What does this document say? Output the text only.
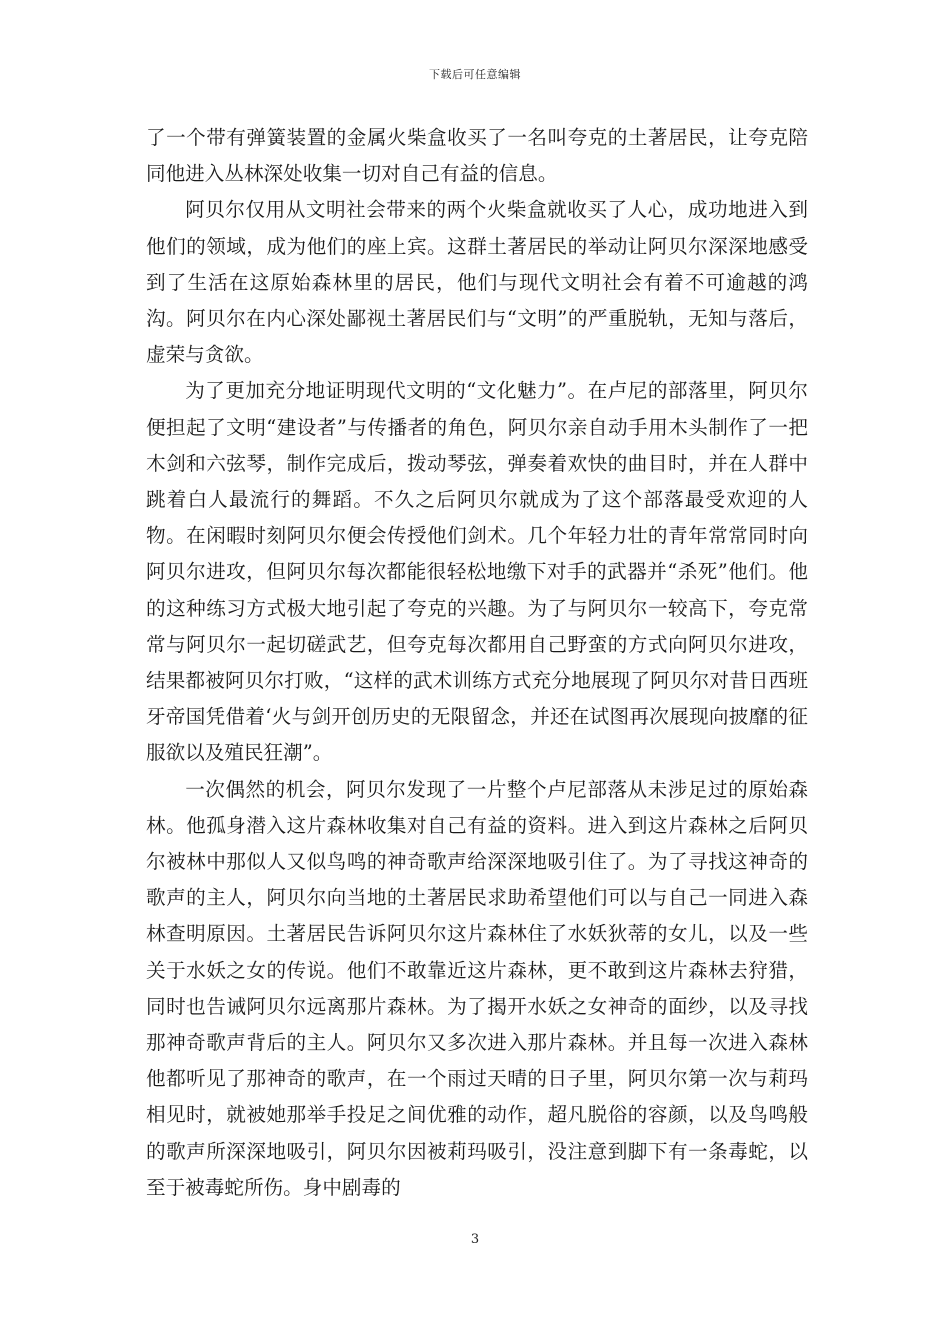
下载后可任意编辑

了一个带有弹簧装置的金属火柴盒收买了一名叫夸克的土著居民，让夸克陪同他进入丛林深处收集一切对自己有益的信息。

阿贝尔仅用从文明社会带来的两个火柴盒就收买了人心，成功地进入到他们的领域，成为他们的座上宾。这群土著居民的举动让阿贝尔深深地感受到了生活在这原始森林里的居民，他们与现代文明社会有着不可逾越的鸿沟。阿贝尔在内心深处鄙视土著居民们与“文明”的严重脱轨，无知与落后，虚荣与贪欲。

为了更加充分地证明现代文明的“文化魅力”。在卢尼的部落里，阿贝尔便担起了文明“建设者”与传播者的角色，阿贝尔亲自动手用木头制作了一把木剑和六弦琴，制作完成后，拨动琴弦，弹奏着欢快的曲目时，并在人群中跳着白人最流行的舞蹈。不久之后阿贝尔就成为了这个部落最受欢迎的人物。在闲暇时刻阿贝尔便会传授他们剑术。几个年轻力壮的青年常常同时向阿贝尔进攻，但阿贝尔每次都能很轻松地缴下对手的武器并“杀死”他们。他的这种练习方式极大地引起了夸克的兴趣。为了与阿贝尔一较高下，夸克常常与阿贝尔一起切磋武艺，但夸克每次都用自己野蛮的方式向阿贝尔进攻，结果都被阿贝尔打败，“这样的武术训练方式充分地展现了阿贝尔对昔日西班牙帝国凭借着‘火与剑开创历史的无限留念，并还在试图再次展现向披靡的征服欲以及殖民狂潮”。

一次偶然的机会，阿贝尔发现了一片整个卢尼部落从未涉足过的原始森林。他孤身潜入这片森林收集对自己有益的资料。进入到这片森林之后阿贝尔被林中那似人又似鸟鸣的神奇歌声给深深地吸引住了。为了寻找这神奇的歌声的主人，阿贝尔向当地的土著居民求助希望他们可以与自己一同进入森林查明原因。土著居民告诉阿贝尔这片森林住了水妖狄蒂的女儿，以及一些关于水妖之女的传说。他们不敢靠近这片森林，更不敢到这片森林去狩猎，同时也告诫阿贝尔远离那片森林。为了揭开水妖之女神奇的面纱，以及寻找那神奇歌声背后的主人。阿贝尔又多次进入那片森林。并且每一次进入森林他都听见了那神奇的歌声，在一个雨过天晴的日子里，阿贝尔第一次与莉玛相见时，就被她那举手投足之间优雅的动作，超凡脱俗的容颜，以及鸟鸣般的歌声所深深地吸引，阿贝尔因被莉玛吸引，没注意到脚下有一条毒蛇，以至于被毒蛇所伤。身中剧毒的

3
